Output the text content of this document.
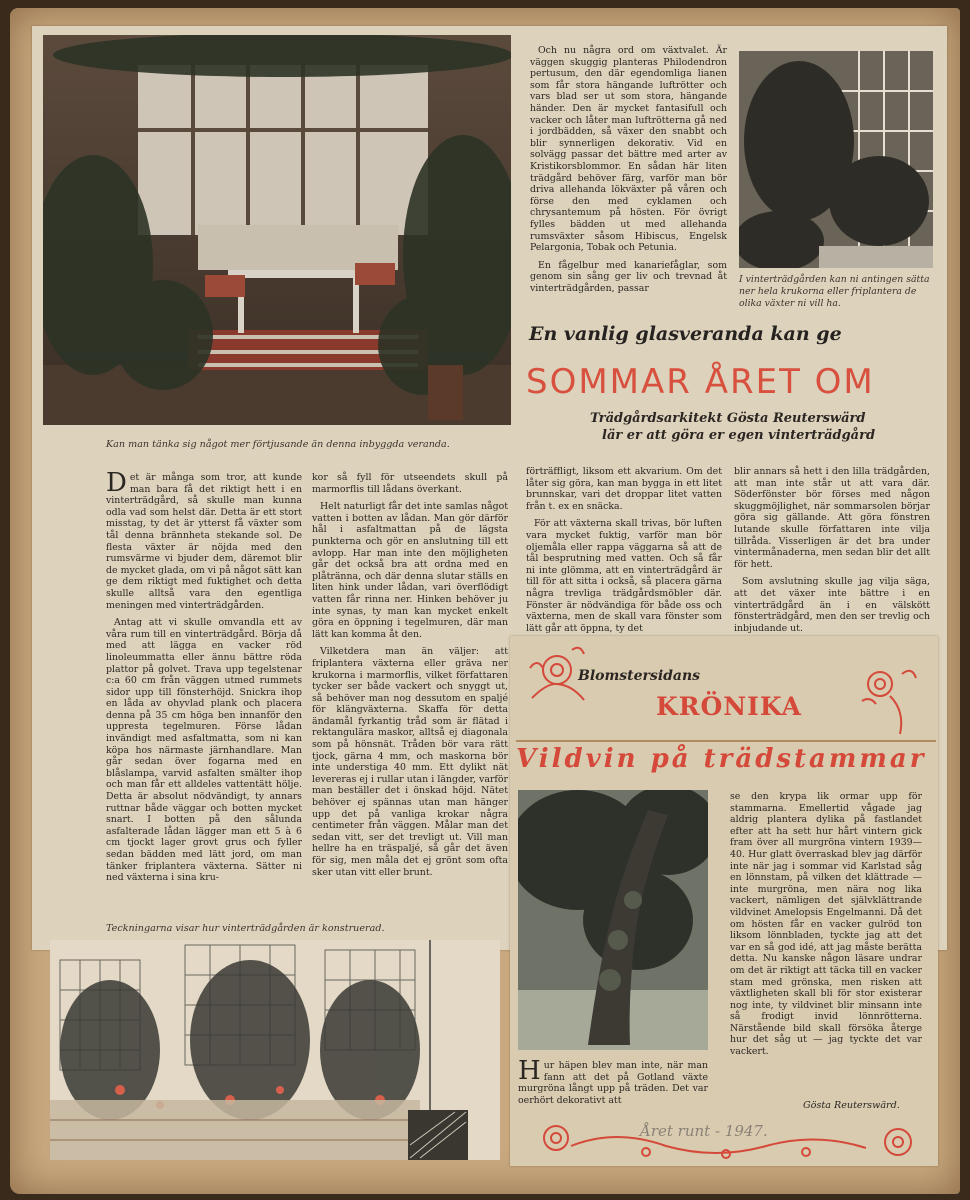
Kan man tänka sig något mer förtjusande än denna inbyggda veranda.

Och nu några ord om växtvalet. Är väggen skuggig planteras Philodendron pertusum, den där egendomliga lianen som får stora hängande luftrötter och vars blad ser ut som stora, hängande händer. Den är mycket fantasifull och vacker och låter man luftrötterna gå ned i jordbädden, så växer den snabbt och blir synnerligen dekorativ. Vid en solvägg passar det bättre med arter av Kristikorsblommor. En sådan här liten trädgård behöver färg, varför man bör driva allehanda lökväxter på våren och förse den med cyklamen och chrysantemum på hösten. För övrigt fylles bädden ut med allehanda rumsväxter såsom Hibiscus, Engelsk Pelargonia, Tobak och Petunia.

En fågelbur med kanariefåglar, som genom sin sång ger liv och trevnad åt vinterträdgården, passar

I vinterträdgården kan ni antingen sätta ner hela krukorna eller friplantera de olika växter ni vill ha.
En vanlig glasveranda kan ge
SOMMAR ÅRET OM
Trädgårdsarkitekt Gösta Reuterswärd
lär er att göra er egen vinterträdgård

Det är många som tror, att kunde man bara få det riktigt hett i en vinterträdgård, så skulle man kunna odla vad som helst där. Detta är ett stort misstag, ty det är ytterst få växter som tål denna brännheta stekande sol. De flesta växter är nöjda med den rumsvärme vi bjuder dem, däremot blir de mycket glada, om vi på något sätt kan ge dem riktigt med fuktighet och detta skulle alltså vara den egentliga meningen med vinterträdgården.

Antag att vi skulle omvandla ett av våra rum till en vinterträdgård. Börja då med att lägga en vacker röd linoleummatta eller ännu bättre röda plattor på golvet. Trava upp tegelstenar c:a 60 cm från väggen utmed rummets sidor upp till fönsterhöjd. Snickra ihop en låda av ohyvlad plank och placera denna på 35 cm höga ben innanför den uppresta tegelmuren. Förse lådan invändigt med asfaltmatta, som ni kan köpa hos närmaste järnhandlare. Man går sedan över fogarna med en blåslampa, varvid asfalten smälter ihop och man får ett alldeles vattentätt hölje. Detta är absolut nödvändigt, ty annars ruttnar både väggar och botten mycket snart. I botten på den sålunda asfalterade lådan lägger man ett 5 à 6 cm tjockt lager grovt grus och fyller sedan bädden med lätt jord, om man tänker friplantera växterna. Sätter ni ned växterna i sina kru-

kor så fyll för utseendets skull på marmorflis till lådans överkant.

Helt naturligt får det inte samlas något vatten i botten av lådan. Man gör därför hål i asfaltmattan på de lägsta punkterna och gör en anslutning till ett avlopp. Har man inte den möjligheten går det också bra att ordna med en plåtränna, och där denna slutar ställs en liten hink under lådan, vari överflödigt vatten får rinna ner. Hinken behöver ju inte synas, ty man kan mycket enkelt göra en öppning i tegelmuren, där man lätt kan komma åt den.

Vilketdera man än väljer: att friplantera växterna eller gräva ner krukorna i marmorflis, vilket författaren tycker ser både vackert och snyggt ut, så behöver man nog dessutom en spaljé för klängväxterna. Skaffa för detta ändamål fyrkantig tråd som är flätad i rektangulära maskor, alltså ej diagonala som på hönsnät. Tråden bör vara rätt tjock, gärna 4 mm, och maskorna bör inte understiga 40 mm. Ett dylikt nät levereras ej i rullar utan i längder, varför man beställer det i önskad höjd. Nätet behöver ej spännas utan man hänger upp det på vanliga krokar några centimeter från väggen. Målar man det sedan vitt, ser det trevligt ut. Vill man hellre ha en träspaljé, så går det även för sig, men måla det ej grönt som ofta sker utan vitt eller brunt.

förträffligt, liksom ett akvarium. Om det låter sig göra, kan man bygga in ett litet brunnskar, vari det droppar litet vatten från t. ex en snäcka.

För att växterna skall trivas, bör luften vara mycket fuktig, varför man bör oljemåla eller rappa väggarna så att de tål besprutning med vatten. Och så får ni inte glömma, att en vinterträdgård är till för att sitta i också, så placera gärna några trevliga trädgårdsmöbler där. Fönster är nödvändiga för både oss och växterna, men de skall vara fönster som lätt går att öppna, ty det

blir annars så hett i den lilla trädgården, att man inte står ut att vara där. Söderfönster bör förses med någon skuggmöjlighet, när sommarsolen börjar göra sig gällande. Att göra fönstren lutande skulle författaren inte vilja tillråda. Visserligen är det bra under vintermånaderna, men sedan blir det allt för hett.

Som avslutning skulle jag vilja säga, att det växer inte bättre i en vinterträdgård än i en välskött fönsterträdgård, men den ser trevlig och inbjudande ut.

Teckningarna visar hur vinterträdgården är konstruerad.
Blomstersidans
KRÖNIKA
Vildvin på trädstammar

Hur häpen blev man inte, när man fann att det på Gotland växte murgröna långt upp på träden. Det var oerhört dekorativt att

se den krypa lik ormar upp för stammarna. Emellertid vågade jag aldrig plantera dylika på fastlandet efter att ha sett hur hårt vintern gick fram över all murgröna vintern 1939—40. Hur glatt överraskad blev jag därför inte när jag i sommar vid Karlstad såg en lönnstam, på vilken det klättrade — inte murgröna, men nära nog lika vackert, nämligen det självklättrande vildvinet Amelopsis Engelmanni. Då det om hösten får en vacker gulröd ton liksom lönnbladen, tyckte jag att det var en så god idé, att jag måste berätta detta. Nu kanske någon läsare undrar om det är riktigt att täcka till en vacker stam med grönska, men risken att växtligheten skall bli för stor existerar nog inte, ty vildvinet blir minsann inte så frodigt invid lönnrötterna. Närstående bild skall försöka återge hur det såg ut — jag tyckte det var vackert.

Gösta Reuterswärd.
Året runt - 1947.
